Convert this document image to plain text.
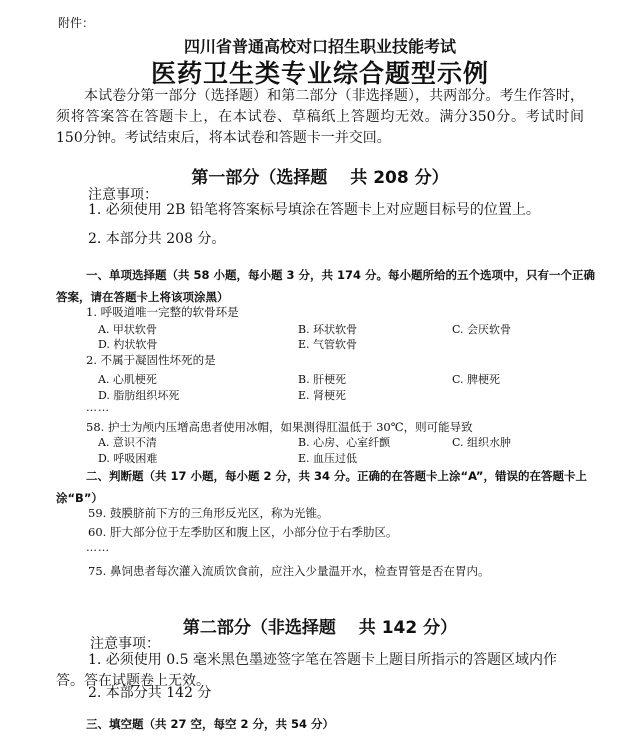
附件：
四川省普通高校对口招生职业技能考试
医药卫生类专业综合题型示例
本试卷分第一部分（选择题）和第二部分（非选择题），共两部分。考生作答时，须将答案答在答题卡上，在本试卷、草稿纸上答题均无效。满分350分。考试时间150分钟。考试结束后，将本试卷和答题卡一并交回。
第一部分（选择题　 共 208 分）
注意事项：
1. 必须使用 2B 铅笔将答案标号填涂在答题卡上对应题目标号的位置上。
2. 本部分共 208 分。
一、单项选择题（共 58 小题，每小题 3 分，共 174 分。每小题所给的五个选项中，只有一个正确答案，请在答题卡上将该项涂黑）
1. 呼吸道唯一完整的软骨环是
A. 甲状软骨	B. 环状软骨	C. 会厌软骨
D. 杓状软骨	E. 气管软骨
2. 不属于凝固性坏死的是
A. 心肌梗死	B. 肝梗死	C. 脾梗死
D. 脂肪组织坏死	E. 肾梗死
……
58. 护士为颅内压增高患者使用冰帽，如果测得肛温低于 30℃，则可能导致
A. 意识不清	B. 心房、心室纤颤	C. 组织水肿
D. 呼吸困难	E. 血压过低
二、判断题（共 17 小题，每小题 2 分，共 34 分。正确的在答题卡上涂“A”，错误的在答题卡上涂“B”）
59. 鼓膜脐前下方的三角形反光区，称为光锥。
60. 肝大部分位于左季肋区和腹上区，小部分位于右季肋区。
……
75. 鼻饲患者每次灌入流质饮食前，应注入少量温开水，检查胃管是否在胃内。
第二部分（非选择题　 共 142 分）
注意事项：
1. 必须使用 0.5 毫米黑色墨迹签字笔在答题卡上题目所指示的答题区域内作答。答在试题卷上无效。
2. 本部分共 142 分
三、填空题（共 27 空，每空 2 分，共 54 分）
